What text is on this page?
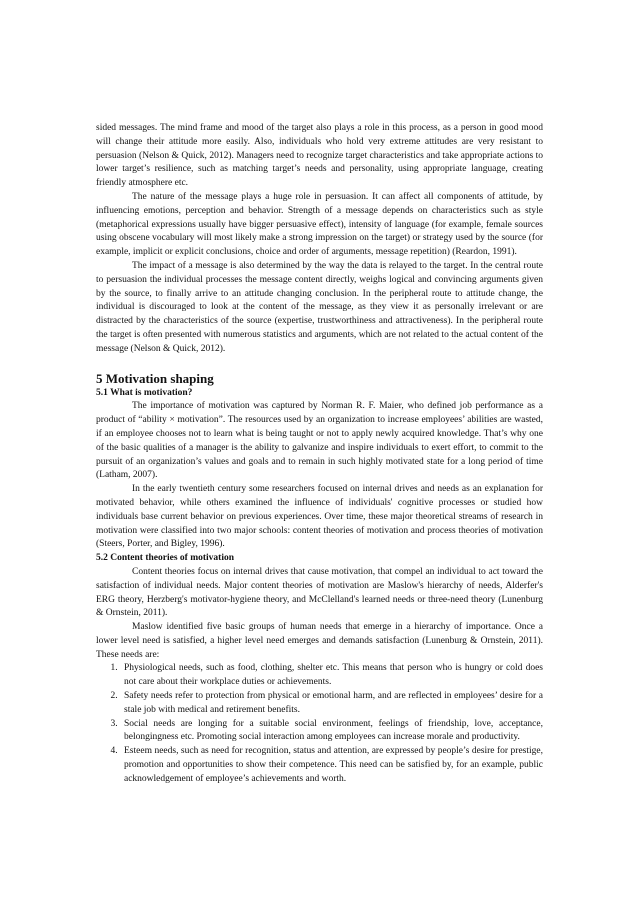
sided messages. The mind frame and mood of the target also plays a role in this process, as a person in good mood will change their attitude more easily. Also, individuals who hold very extreme attitudes are very resistant to persuasion (Nelson & Quick, 2012). Managers need to recognize target characteristics and take appropriate actions to lower target’s resilience, such as matching target’s needs and personality, using appropriate language, creating friendly atmosphere etc.

The nature of the message plays a huge role in persuasion. It can affect all components of attitude, by influencing emotions, perception and behavior. Strength of a message depends on characteristics such as style (metaphorical expressions usually have bigger persuasive effect), intensity of language (for example, female sources using obscene vocabulary will most likely make a strong impression on the target) or strategy used by the source (for example, implicit or explicit conclusions, choice and order of arguments, message repetition) (Reardon, 1991).

The impact of a message is also determined by the way the data is relayed to the target. In the central route to persuasion the individual processes the message content directly, weighs logical and convincing arguments given by the source, to finally arrive to an attitude changing conclusion. In the peripheral route to attitude change, the individual is discouraged to look at the content of the message, as they view it as personally irrelevant or are distracted by the characteristics of the source (expertise, trustworthiness and attractiveness). In the peripheral route the target is often presented with numerous statistics and arguments, which are not related to the actual content of the message (Nelson & Quick, 2012).

5 Motivation shaping
5.1 What is motivation?

The importance of motivation was captured by Norman R. F. Maier, who defined job performance as a product of “ability × motivation”. The resources used by an organization to increase employees’ abilities are wasted, if an employee chooses not to learn what is being taught or not to apply newly acquired knowledge. That’s why one of the basic qualities of a manager is the ability to galvanize and inspire individuals to exert effort, to commit to the pursuit of an organization’s values and goals and to remain in such highly motivated state for a long period of time (Latham, 2007).

In the early twentieth century some researchers focused on internal drives and needs as an explanation for motivated behavior, while others examined the influence of individuals' cognitive processes or studied how individuals base current behavior on previous experiences. Over time, these major theoretical streams of research in motivation were classified into two major schools: content theories of motivation and process theories of motivation (Steers, Porter, and Bigley, 1996).

5.2 Content theories of motivation

Content theories focus on internal drives that cause motivation, that compel an individual to act toward the satisfaction of individual needs. Major content theories of motivation are Maslow's hierarchy of needs, Alderfer's ERG theory, Herzberg's motivator-hygiene theory, and McClelland's learned needs or three-need theory (Lunenburg & Ornstein, 2011).

Maslow identified five basic groups of human needs that emerge in a hierarchy of importance. Once a lower level need is satisfied, a higher level need emerges and demands satisfaction (Lunenburg & Ornstein, 2011). These needs are:

1. Physiological needs, such as food, clothing, shelter etc. This means that person who is hungry or cold does not care about their workplace duties or achievements.
2. Safety needs refer to protection from physical or emotional harm, and are reflected in employees’ desire for a stale job with medical and retirement benefits.
3. Social needs are longing for a suitable social environment, feelings of friendship, love, acceptance, belongingness etc. Promoting social interaction among employees can increase morale and productivity.
4. Esteem needs, such as need for recognition, status and attention, are expressed by people’s desire for prestige, promotion and opportunities to show their competence. This need can be satisfied by, for an example, public acknowledgement of employee’s achievements and worth.
